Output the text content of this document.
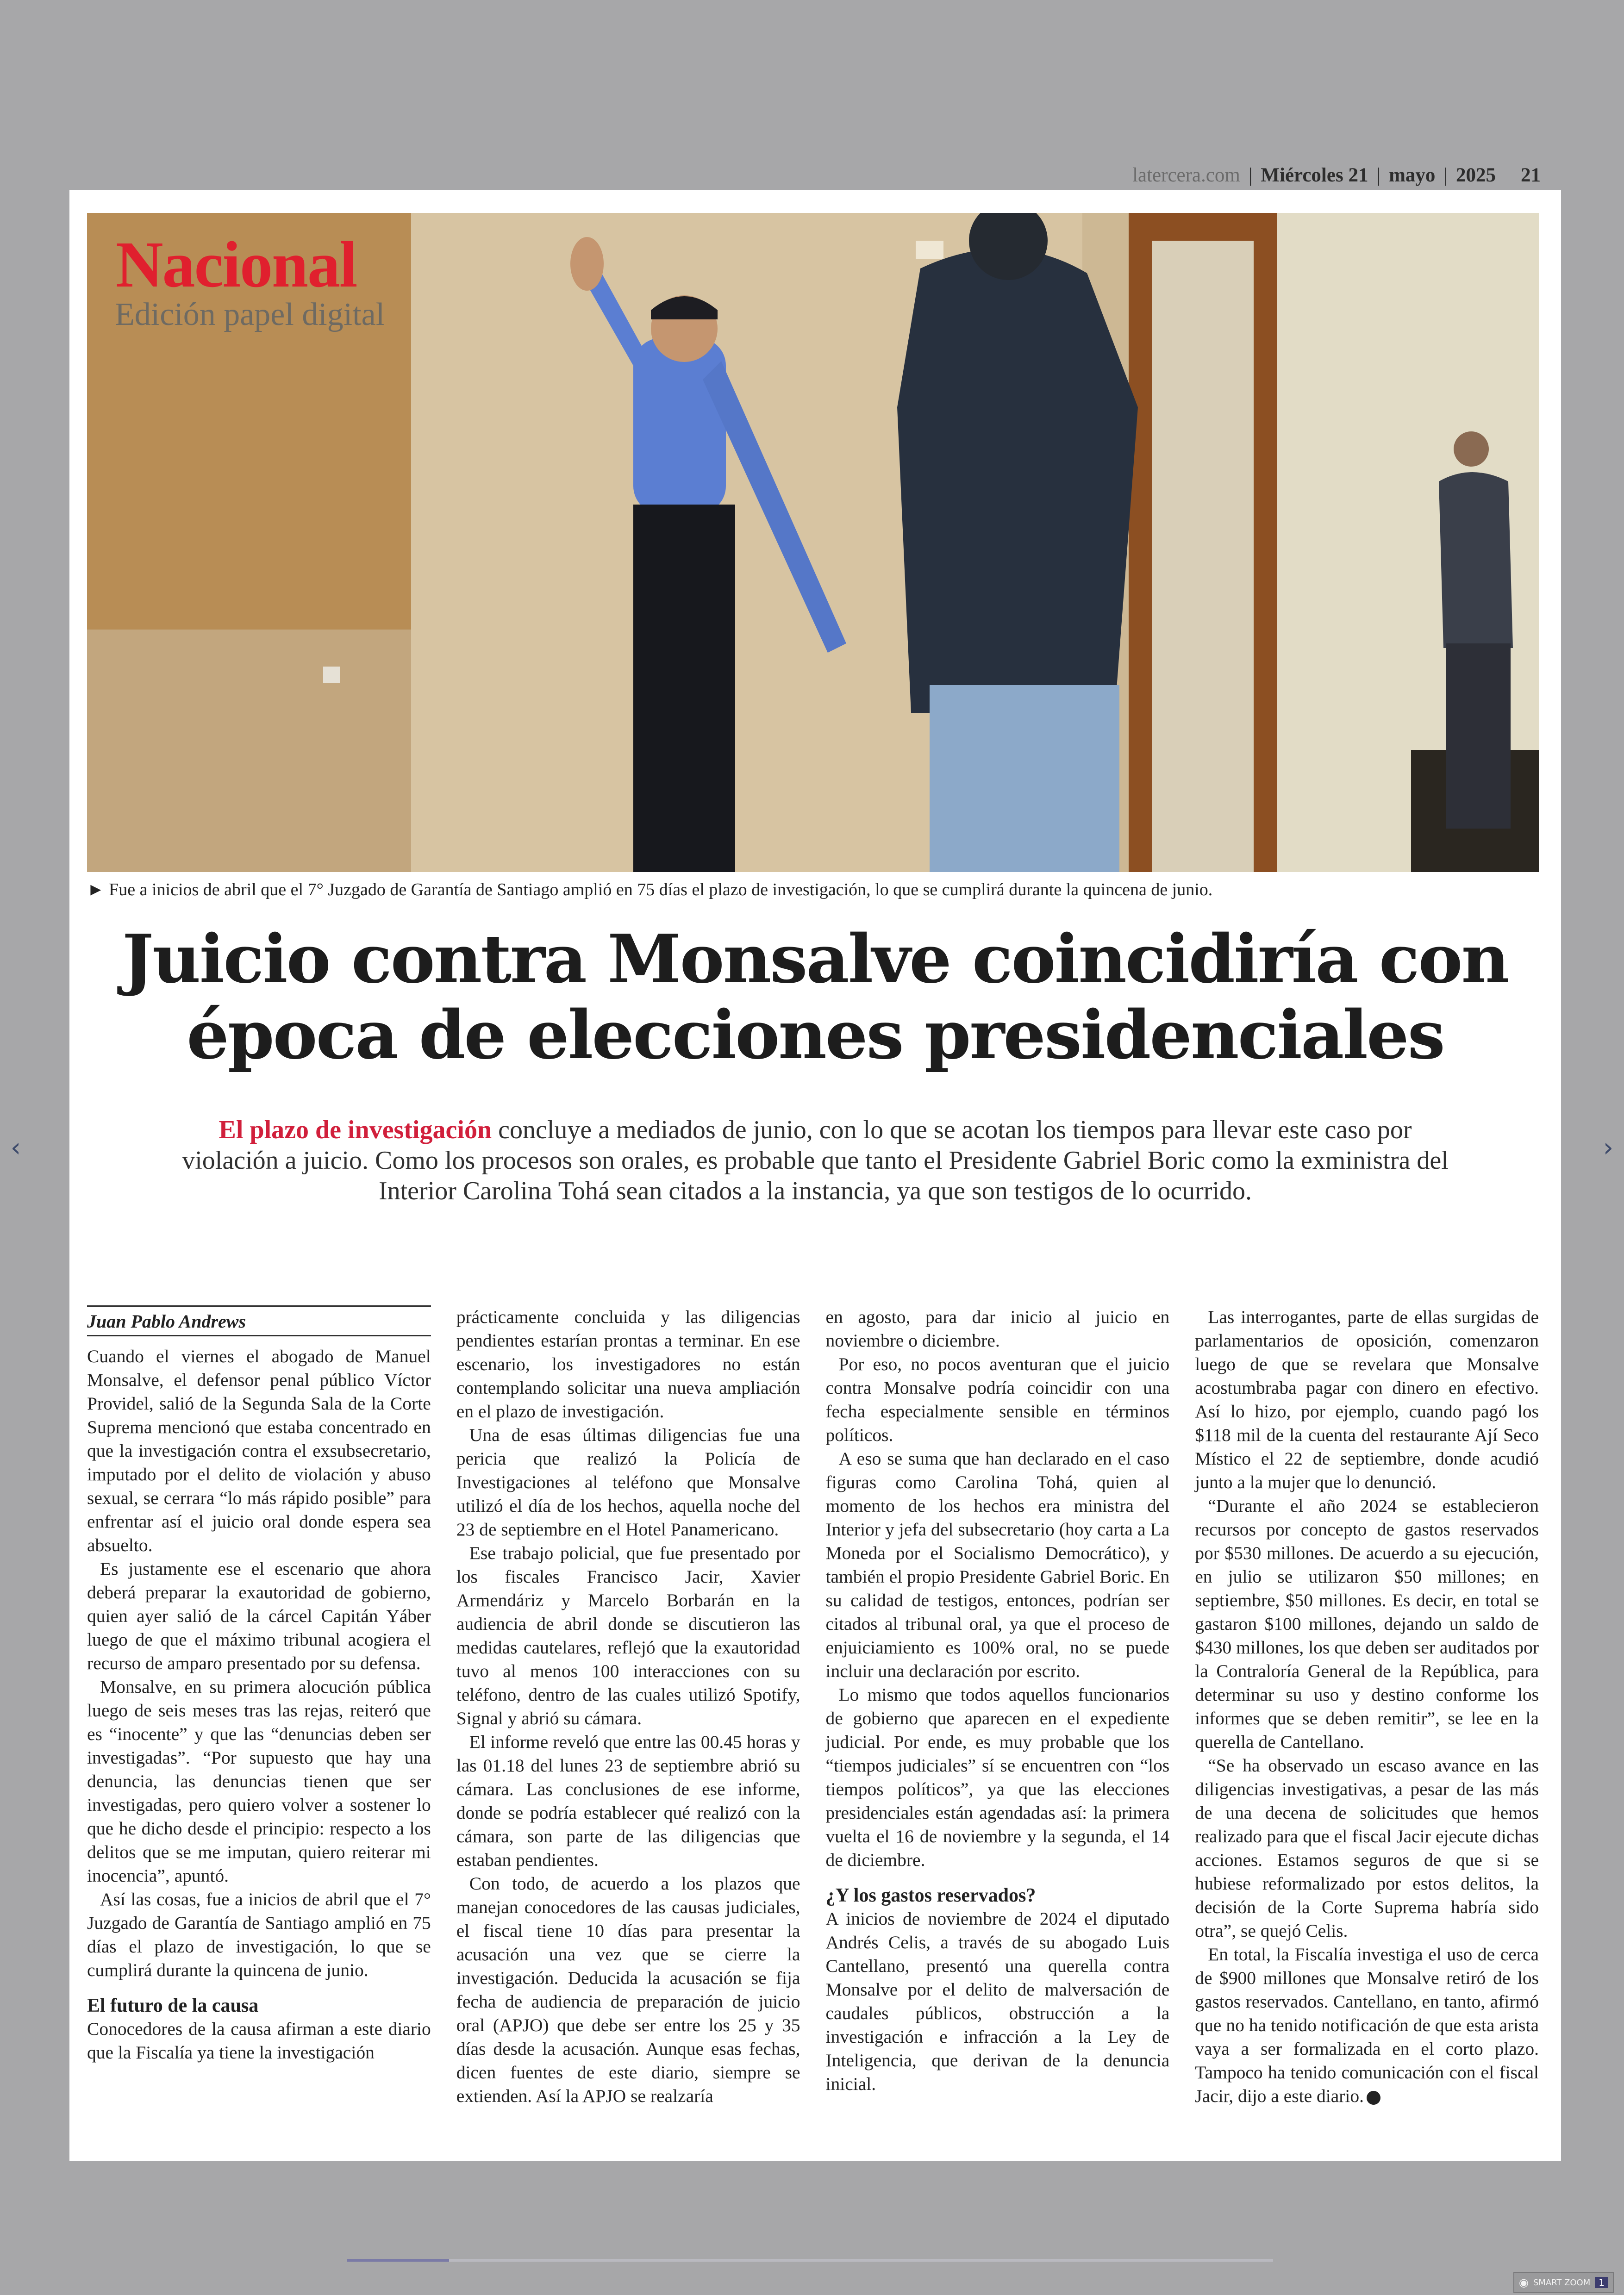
latercera.com | Miércoles 21 | mayo | 2025 21
Nacional
Edición papel digital
► Fue a inicios de abril que el 7° Juzgado de Garantía de Santiago amplió en 75 días el plazo de investigación, lo que se cumplirá durante la quincena de junio.
Juicio contra Monsalve coincidiría con
época de elecciones presidenciales
El plazo de investigación concluye a mediados de junio, con lo que se acotan los tiempos para llevar este caso por violación a juicio. Como los procesos son orales, es probable que tanto el Presidente Gabriel Boric como la exministra del Interior Carolina Tohá sean citados a la instancia, ya que son testigos de lo ocurrido.
Juan Pablo Andrews

Cuando el viernes el abogado de Manuel Monsalve, el defensor penal público Víctor Providel, salió de la Segunda Sala de la Corte Suprema mencionó que estaba concentrado en que la investigación contra el exsubsecretario, imputado por el delito de violación y abuso sexual, se cerrara “lo más rápido posible” para enfrentar así el juicio oral donde espera sea absuelto.

Es justamente ese el escenario que ahora deberá preparar la exautoridad de gobierno, quien ayer salió de la cárcel Capitán Yáber luego de que el máximo tribunal acogiera el recurso de amparo presentado por su defensa.

Monsalve, en su primera alocución pública luego de seis meses tras las rejas, reiteró que es “inocente” y que las “denuncias deben ser investigadas”. “Por supuesto que hay una denuncia, las denuncias tienen que ser investigadas, pero quiero volver a sostener lo que he dicho desde el principio: respecto a los delitos que se me imputan, quiero reiterar mi inocencia”, apuntó.

Así las cosas, fue a inicios de abril que el 7° Juzgado de Garantía de Santiago amplió en 75 días el plazo de investigación, lo que se cumplirá durante la quincena de junio.

El futuro de la causa

Conocedores de la causa afirman a este diario que la Fiscalía ya tiene la investigación

prácticamente concluida y las diligencias pendientes estarían prontas a terminar. En ese escenario, los investigadores no están contemplando solicitar una nueva ampliación en el plazo de investigación.

Una de esas últimas diligencias fue una pericia que realizó la Policía de Investigaciones al teléfono que Monsalve utilizó el día de los hechos, aquella noche del 23 de septiembre en el Hotel Panamericano.

Ese trabajo policial, que fue presentado por los fiscales Francisco Jacir, Xavier Armendáriz y Marcelo Borbarán en la audiencia de abril donde se discutieron las medidas cautelares, reflejó que la exautoridad tuvo al menos 100 interacciones con su teléfono, dentro de las cuales utilizó Spotify, Signal y abrió su cámara.

El informe reveló que entre las 00.45 horas y las 01.18 del lunes 23 de septiembre abrió su cámara. Las conclusiones de ese informe, donde se podría establecer qué realizó con la cámara, son parte de las diligencias que estaban pendientes.

Con todo, de acuerdo a los plazos que manejan conocedores de las causas judiciales, el fiscal tiene 10 días para presentar la acusación una vez que se cierre la investigación. Deducida la acusación se fija fecha de audiencia de preparación de juicio oral (APJO) que debe ser entre los 25 y 35 días desde la acusación. Aunque esas fechas, dicen fuentes de este diario, siempre se extienden. Así la APJO se realzaría

en agosto, para dar inicio al juicio en noviembre o diciembre.

Por eso, no pocos aventuran que el juicio contra Monsalve podría coincidir con una fecha especialmente sensible en términos políticos.

A eso se suma que han declarado en el caso figuras como Carolina Tohá, quien al momento de los hechos era ministra del Interior y jefa del subsecretario (hoy carta a La Moneda por el Socialismo Democrático), y también el propio Presidente Gabriel Boric. En su calidad de testigos, entonces, podrían ser citados al tribunal oral, ya que el proceso de enjuiciamiento es 100% oral, no se puede incluir una declaración por escrito.

Lo mismo que todos aquellos funcionarios de gobierno que aparecen en el expediente judicial. Por ende, es muy probable que los “tiempos judiciales” sí se encuentren con “los tiempos políticos”, ya que las elecciones presidenciales están agendadas así: la primera vuelta el 16 de noviembre y la segunda, el 14 de diciembre.

¿Y los gastos reservados?

A inicios de noviembre de 2024 el diputado Andrés Celis, a través de su abogado Luis Cantellano, presentó una querella contra Monsalve por el delito de malversación de caudales públicos, obstrucción a la investigación e infracción a la Ley de Inteligencia, que derivan de la denuncia inicial.

Las interrogantes, parte de ellas surgidas de parlamentarios de oposición, comenzaron luego de que se revelara que Monsalve acostumbraba pagar con dinero en efectivo. Así lo hizo, por ejemplo, cuando pagó los $118 mil de la cuenta del restaurante Ají Seco Místico el 22 de septiembre, donde acudió junto a la mujer que lo denunció.

“Durante el año 2024 se establecieron recursos por concepto de gastos reservados por $530 millones. De acuerdo a su ejecución, en julio se utilizaron $50 millones; en septiembre, $50 millones. Es decir, en total se gastaron $100 millones, dejando un saldo de $430 millones, los que deben ser auditados por la Contraloría General de la República, para determinar su uso y destino conforme los informes que se deben remitir”, se lee en la querella de Cantellano.

“Se ha observado un escaso avance en las diligencias investigativas, a pesar de las más de una decena de solicitudes que hemos realizado para que el fiscal Jacir ejecute dichas acciones. Estamos seguros de que si se hubiese reformalizado por estos delitos, la decisión de la Corte Suprema habría sido otra”, se quejó Celis.

En total, la Fiscalía investiga el uso de cerca de $900 millones que Monsalve retiró de los gastos reservados. Cantellano, en tanto, afirmó que no ha tenido notificación de que esta arista vaya a ser formalizada en el corto plazo. Tampoco ha tenido comunicación con el fiscal Jacir, dijo a este diario.

‹	›
◉ SMART ZOOM 1
